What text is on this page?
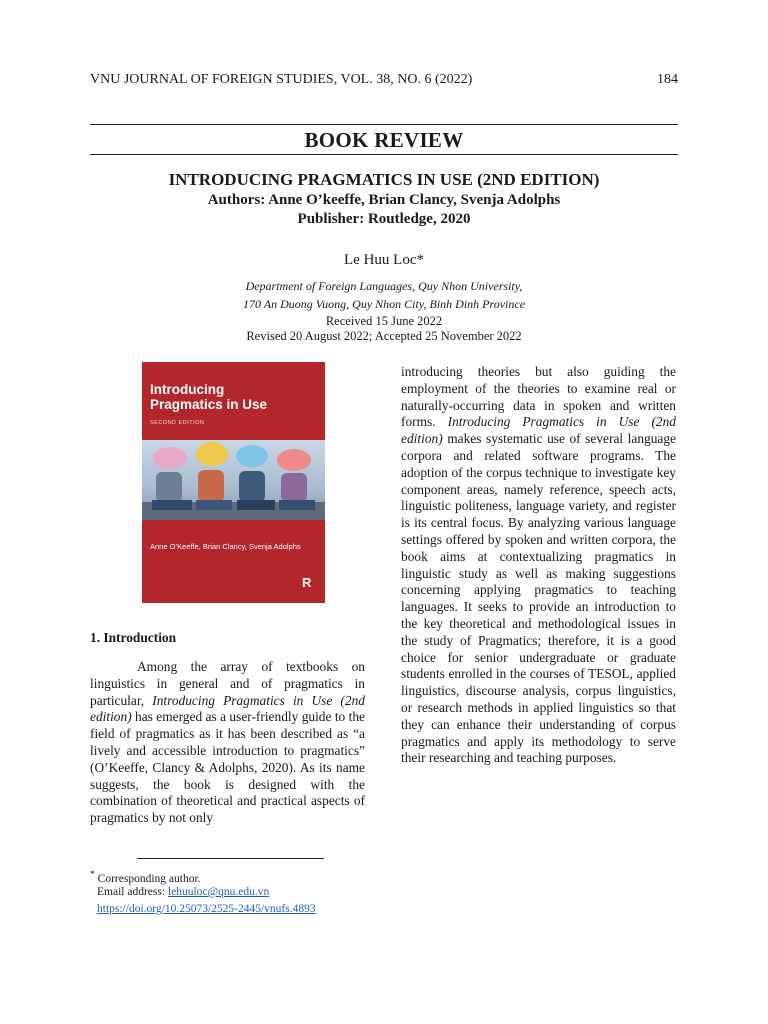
VNU JOURNAL OF FOREIGN STUDIES, VOL. 38, NO. 6 (2022)	184
BOOK REVIEW
INTRODUCING PRAGMATICS IN USE (2ND EDITION)
Authors: Anne O’keeffe, Brian Clancy, Svenja Adolphs
Publisher: Routledge, 2020
Le Huu Loc*
Department of Foreign Languages, Quy Nhon University,
170 An Duong Vuong, Quy Nhon City, Binh Dinh Province
Received 15 June 2022
Revised 20 August 2022; Accepted 25 November 2022
Introducing
Pragmatics in Use
SECOND EDITION
Anne O’Keeffe, Brian Clancy, Svenja Adolphs
R

introducing theories but also guiding the employment of the theories to examine real or naturally-occurring data in spoken and written forms. Introducing Pragmatics in Use (2nd edition) makes systematic use of several language corpora and related software programs. The adoption of the corpus technique to investigate key component areas, namely reference, speech acts, linguistic politeness, language variety, and register is its central focus. By analyzing various language settings offered by spoken and written corpora, the book aims at contextualizing pragmatics in linguistic study as well as making suggestions concerning applying pragmatics to teaching languages. It seeks to provide an introduction to the key theoretical and methodological issues in the study of Pragmatics; therefore, it is a good choice for senior undergraduate or graduate students enrolled in the courses of TESOL, applied linguistics, discourse analysis, corpus linguistics, or research methods in applied linguistics so that they can enhance their understanding of corpus pragmatics and apply its methodology to serve their researching and teaching purposes.

1. Introduction

Among the array of textbooks on linguistics in general and of pragmatics in particular, Introducing Pragmatics in Use (2nd edition) has emerged as a user-friendly guide to the field of pragmatics as it has been described as “a lively and accessible introduction to pragmatics” (O’Keeffe, Clancy & Adolphs, 2020). As its name suggests, the book is designed with the combination of theoretical and practical aspects of pragmatics by not only

* Corresponding author.
Email address: lehuuloc@qnu.edu.vn
https://doi.org/10.25073/2525-2445/vnufs.4893
